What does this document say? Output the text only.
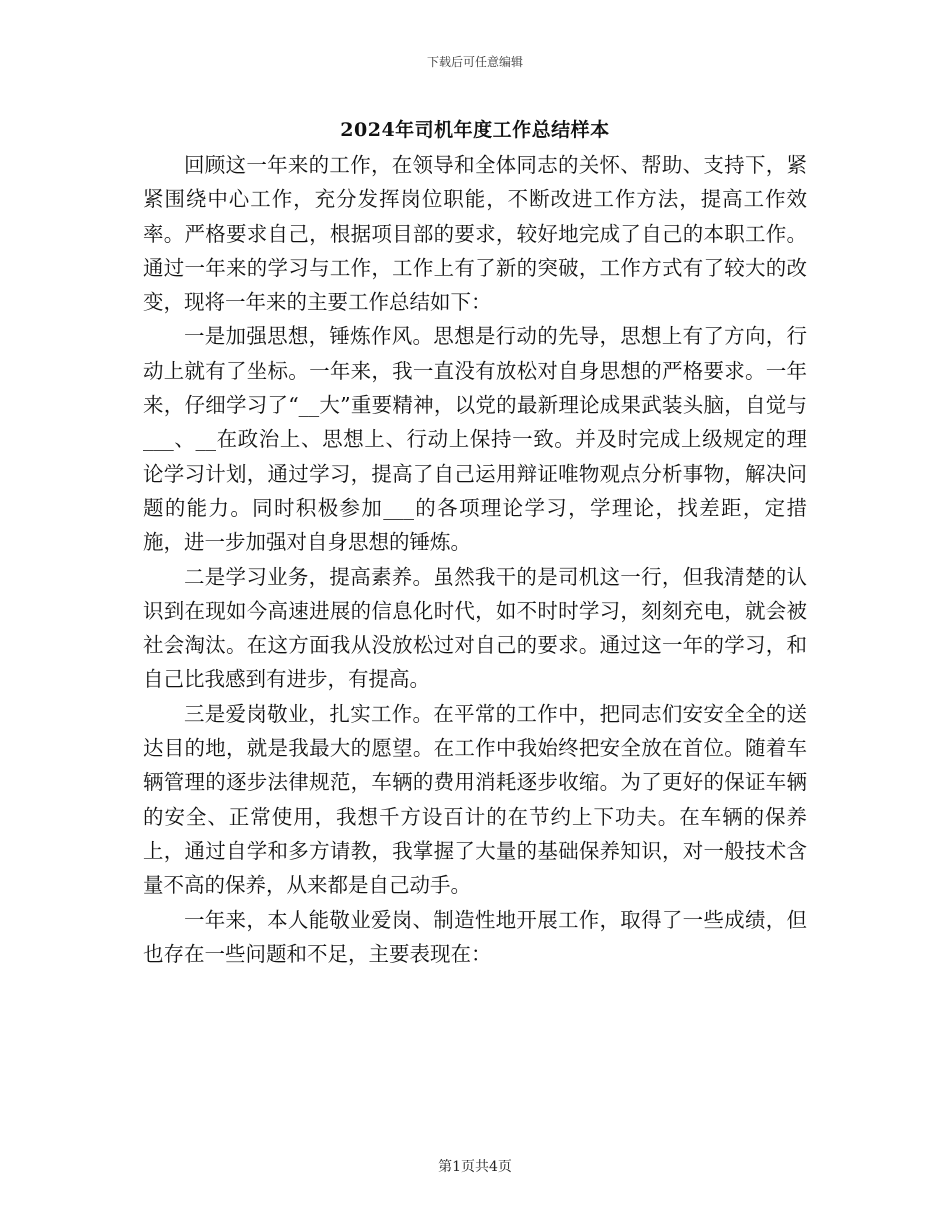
下载后可任意编辑
2024年司机年度工作总结样本

回顾这一年来的工作，在领导和全体同志的关怀、帮助、支持下，紧紧围绕中心工作，充分发挥岗位职能，不断改进工作方法，提高工作效率。严格要求自己，根据项目部的要求，较好地完成了自己的本职工作。通过一年来的学习与工作，工作上有了新的突破，工作方式有了较大的改变，现将一年来的主要工作总结如下：

一是加强思想，锤炼作风。思想是行动的先导，思想上有了方向，行动上就有了坐标。一年来，我一直没有放松对自身思想的严格要求。一年来，仔细学习了“__大”重要精神，以党的最新理论成果武装头脑，自觉与___、__在政治上、思想上、行动上保持一致。并及时完成上级规定的理论学习计划，通过学习，提高了自己运用辩证唯物观点分析事物，解决问题的能力。同时积极参加___的各项理论学习，学理论，找差距，定措施，进一步加强对自身思想的锤炼。

二是学习业务，提高素养。虽然我干的是司机这一行，但我清楚的认识到在现如今高速进展的信息化时代，如不时时学习，刻刻充电，就会被社会淘汰。在这方面我从没放松过对自己的要求。通过这一年的学习，和自己比我感到有进步，有提高。

三是爱岗敬业，扎实工作。在平常的工作中，把同志们安安全全的送达目的地，就是我最大的愿望。在工作中我始终把安全放在首位。随着车辆管理的逐步法律规范，车辆的费用消耗逐步收缩。为了更好的保证车辆的安全、正常使用，我想千方设百计的在节约上下功夫。在车辆的保养上，通过自学和多方请教，我掌握了大量的基础保养知识，对一般技术含量不高的保养，从来都是自己动手。

一年来，本人能敬业爱岗、制造性地开展工作，取得了一些成绩，但也存在一些问题和不足，主要表现在：

第1页共4页
